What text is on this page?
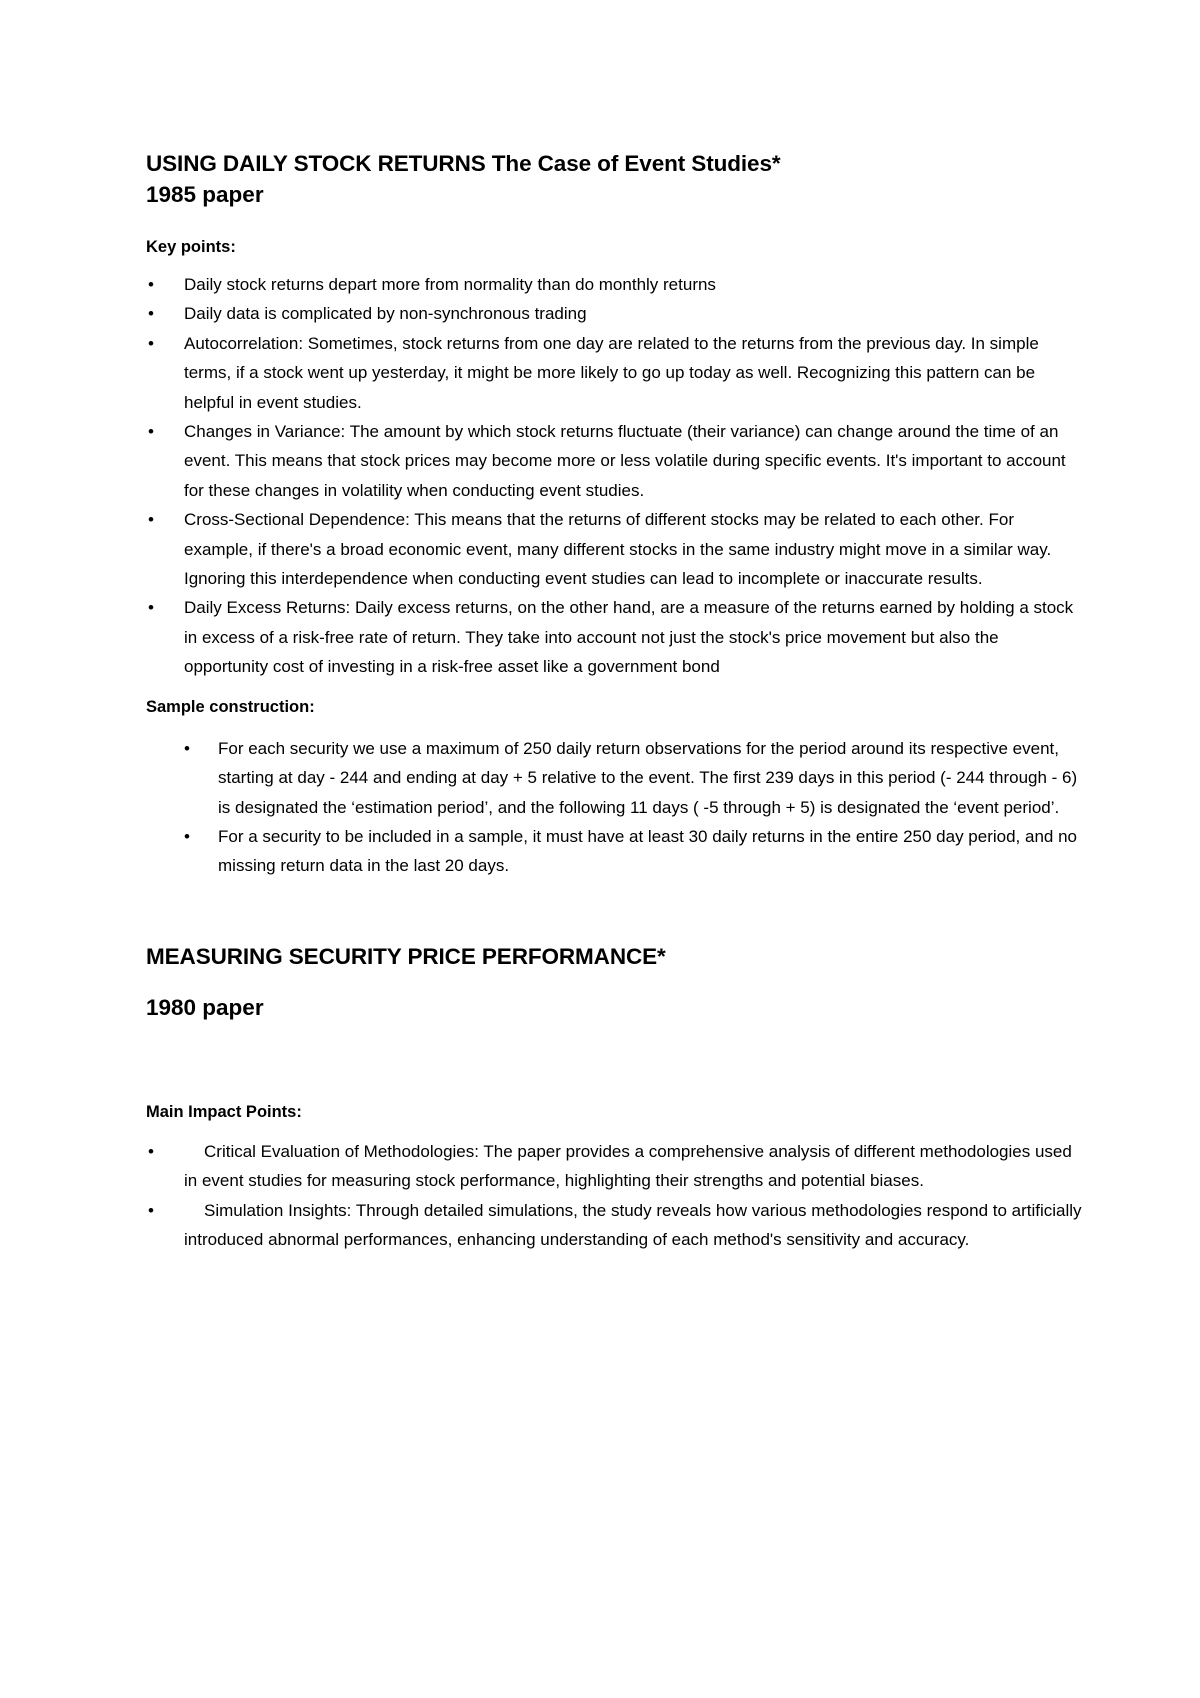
USING DAILY STOCK RETURNS The Case of Event Studies*
1985 paper

Key points:

• Daily stock returns depart more from normality than do monthly returns
• Daily data is complicated by non-synchronous trading
• Autocorrelation: Sometimes, stock returns from one day are related to the returns from the previous day. In simple terms, if a stock went up yesterday, it might be more likely to go up today as well. Recognizing this pattern can be helpful in event studies.
• Changes in Variance: The amount by which stock returns fluctuate (their variance) can change around the time of an event. This means that stock prices may become more or less volatile during specific events. It's important to account for these changes in volatility when conducting event studies.
• Cross-Sectional Dependence: This means that the returns of different stocks may be related to each other. For example, if there's a broad economic event, many different stocks in the same industry might move in a similar way. Ignoring this interdependence when conducting event studies can lead to incomplete or inaccurate results.
• Daily Excess Returns: Daily excess returns, on the other hand, are a measure of the returns earned by holding a stock in excess of a risk-free rate of return. They take into account not just the stock's price movement but also the opportunity cost of investing in a risk-free asset like a government bond

Sample construction:

• For each security we use a maximum of 250 daily return observations for the period around its respective event, starting at day - 244 and ending at day + 5 relative to the event. The first 239 days in this period (- 244 through - 6) is designated the ‘estimation period’, and the following 11 days ( -5 through + 5) is designated the ‘event period’.
• For a security to be included in a sample, it must have at least 30 daily returns in the entire 250 day period, and no missing return data in the last 20 days.
MEASURING SECURITY PRICE PERFORMANCE*
1980 paper

Main Impact Points:

•	Critical Evaluation of Methodologies: The paper provides a comprehensive analysis of different methodologies used in event studies for measuring stock performance, highlighting their strengths and potential biases.
•	Simulation Insights: Through detailed simulations, the study reveals how various methodologies respond to artificially introduced abnormal performances, enhancing understanding of each method's sensitivity and accuracy.
